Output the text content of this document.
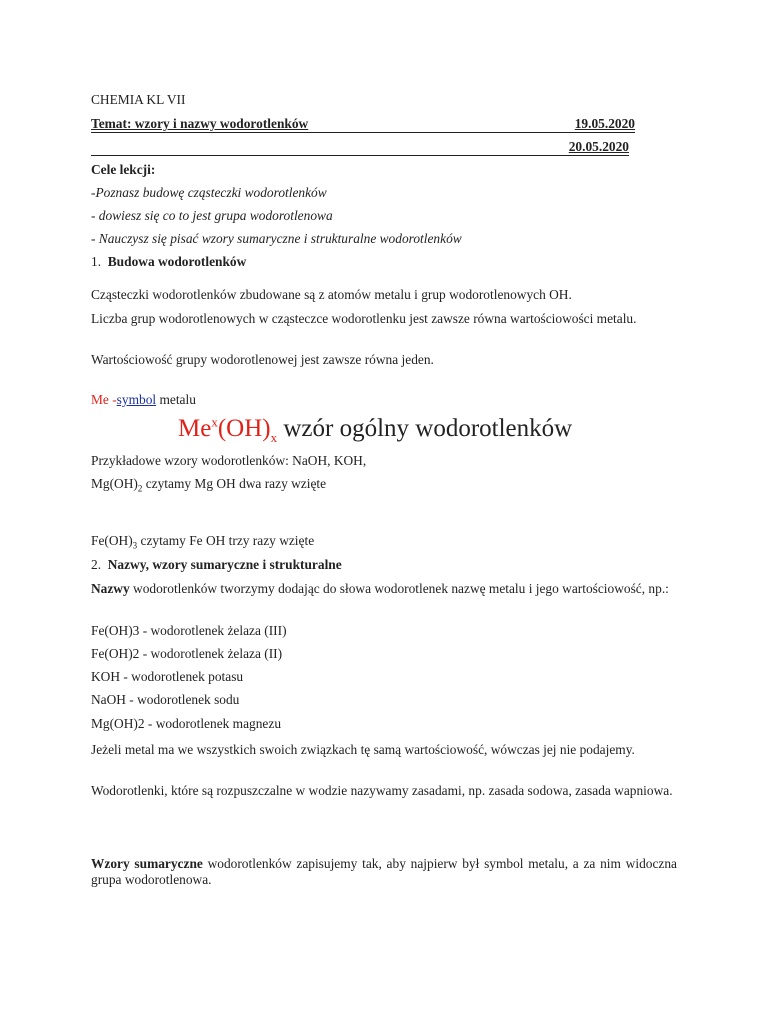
CHEMIA KL VII

Temat: wzory i nazwy wodorotlenków	19.05.2020
20.05.2020

Cele lekcji:

-Poznasz budowę cząsteczki wodorotlenków

- dowiesz się co to jest grupa wodorotlenowa

- Nauczysz się pisać wzory sumaryczne i strukturalne wodorotlenków

1. Budowa wodorotlenków

Cząsteczki wodorotlenków zbudowane są z atomów metalu i grup wodorotlenowych OH.

Liczba grup wodorotlenowych w cząsteczce wodorotlenku jest zawsze równa wartościowości metalu.

Wartościowość grupy wodorotlenowej jest zawsze równa jeden.

Me -symbol metalu

$Me^x(OH)_x$ wzór ogólny wodorotlenków

Przykładowe wzory wodorotlenków: NaOH, KOH,

$Mg(OH)_2$ czytamy Mg OH dwa razy wzięte

$Fe(OH)_3$ czytamy Fe OH trzy razy wzięte

2. Nazwy, wzory sumaryczne i strukturalne

Nazwy wodorotlenków tworzymy dodając do słowa wodorotlenek nazwę metalu i jego wartościowość, np.:

Fe(OH)3 - wodorotlenek żelaza (III)

Fe(OH)2 - wodorotlenek żelaza (II)

KOH - wodorotlenek potasu

NaOH - wodorotlenek sodu

Mg(OH)2 - wodorotlenek magnezu

Jeżeli metal ma we wszystkich swoich związkach tę samą wartościowość, wówczas jej nie podajemy.

Wodorotlenki, które są rozpuszczalne w wodzie nazywamy zasadami, np. zasada sodowa, zasada wapniowa.

Wzory sumaryczne wodorotlenków zapisujemy tak, aby najpierw był symbol metalu, a za nim widoczna grupa wodorotlenowa.
